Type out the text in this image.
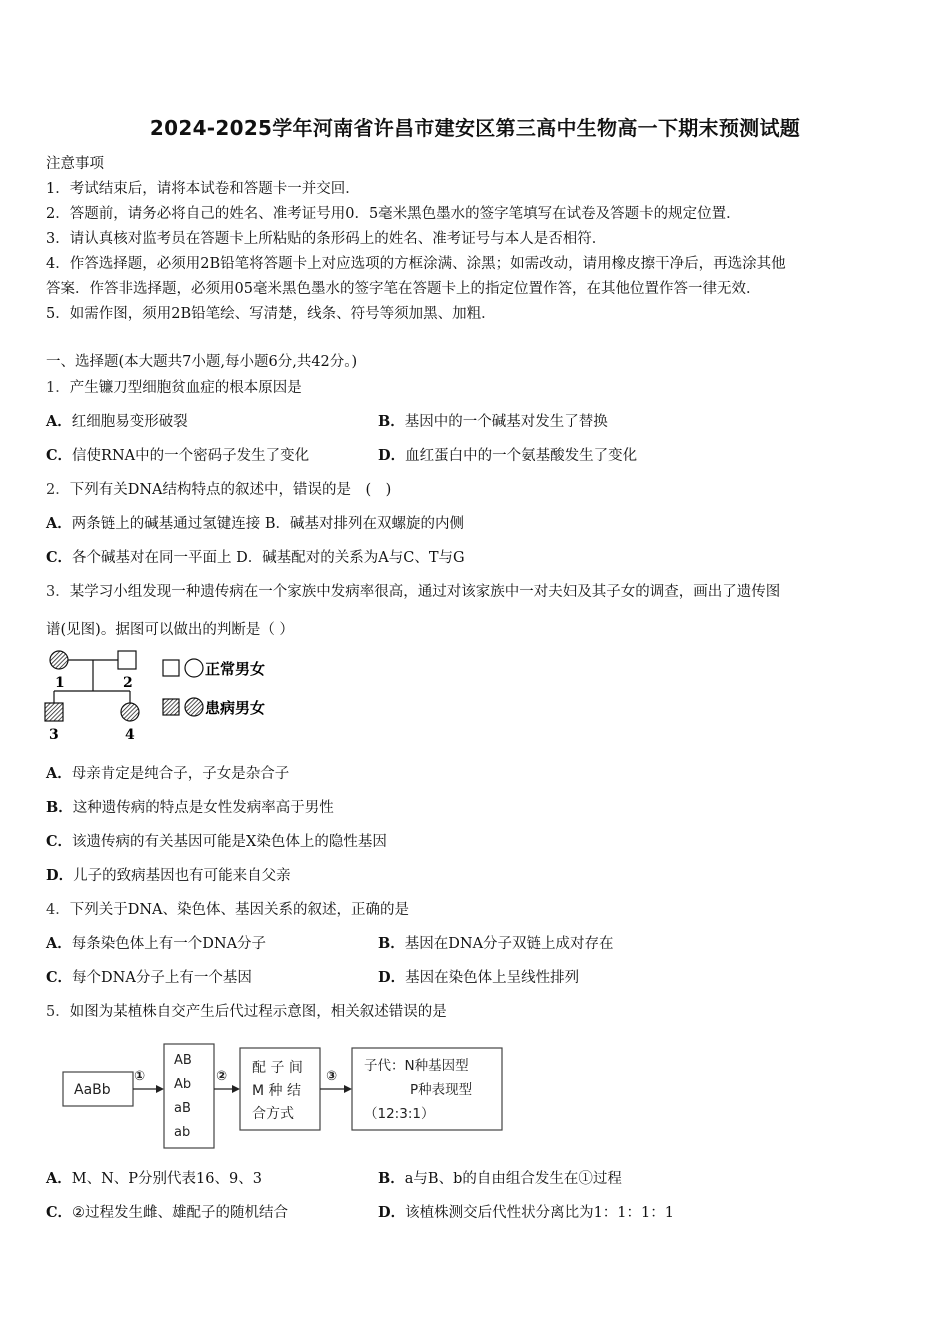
2024-2025学年河南省许昌市建安区第三高中生物高一下期末预测试题
注意事项
1．考试结束后，请将本试卷和答题卡一并交回．
2．答题前，请务必将自己的姓名、准考证号用0．5毫米黑色墨水的签字笔填写在试卷及答题卡的规定位置．
3．请认真核对监考员在答题卡上所粘贴的条形码上的姓名、准考证号与本人是否相符．
4．作答选择题，必须用2B铅笔将答题卡上对应选项的方框涂满、涂黑；如需改动，请用橡皮擦干净后，再选涂其他
答案．作答非选择题，必须用05毫米黑色墨水的签字笔在答题卡上的指定位置作答，在其他位置作答一律无效．
5．如需作图，须用2B铅笔绘、写清楚，线条、符号等须加黑、加粗．
一、选择题(本大题共7小题,每小题6分,共42分。)
1．产生镰刀型细胞贫血症的根本原因是
A．红细胞易变形破裂	B．基因中的一个碱基对发生了替换
C．信使RNA中的一个密码子发生了变化	D．血红蛋白中的一个氨基酸发生了变化
2．下列有关DNA结构特点的叙述中，错误的是　(　)
A．两条链上的碱基通过氢键连接 B．碱基对排列在双螺旋的内侧
C．各个碱基对在同一平面上 D．碱基配对的关系为A与C、T与G
3．某学习小组发现一种遗传病在一个家族中发病率很高，通过对该家族中一对夫妇及其子女的调查，画出了遗传图
谱(见图)。据图可以做出的判断是（ ）
1	2
3	4
正常男女
患病男女
A．母亲肯定是纯合子，子女是杂合子
B．这种遗传病的特点是女性发病率高于男性
C．该遗传病的有关基因可能是X染色体上的隐性基因
D．儿子的致病基因也有可能来自父亲
4．下列关于DNA、染色体、基因关系的叙述，正确的是
A．每条染色体上有一个DNA分子	B．基因在DNA分子双链上成对存在
C．每个DNA分子上有一个基因	D．基因在染色体上呈线性排列
5．如图为某植株自交产生后代过程示意图，相关叙述错误的是
AaBb
①
AB
Ab
aB
ab
②
配 子 间
M 种 结
合方式
③
子代：N种基因型
P种表现型
（12:3:1）
A．M、N、P分别代表16、9、3	B．a与B、b的自由组合发生在①过程
C．②过程发生雌、雄配子的随机结合	D．该植株测交后代性状分离比为1：1：1：1
